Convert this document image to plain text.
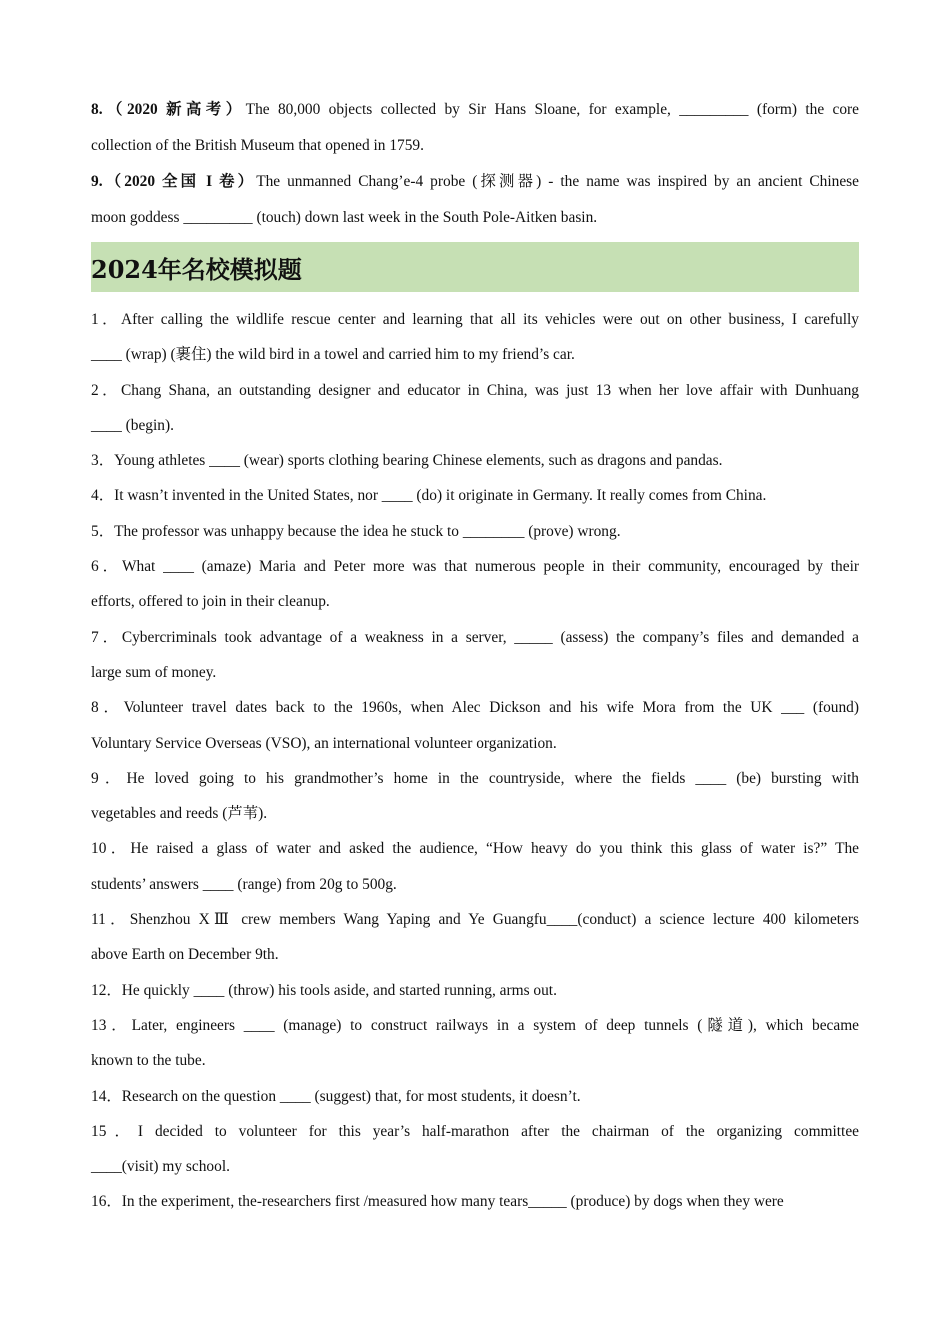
8.（2020 新高考）The 80,000 objects collected by Sir Hans Sloane, for example, _________ (form) the core

collection of the British Museum that opened in 1759.

9.（2020 全国 I 卷）The unmanned Chang’e-4 probe (探测器) - the name was inspired by an ancient Chinese

moon goddess _________ (touch) down last week in the South Pole-Aitken basin.

2024年名校模拟题

1．After calling the wildlife rescue center and learning that all its vehicles were out on other business, I carefully

____ (wrap) (裹住) the wild bird in a towel and carried him to my friend’s car.

2．Chang Shana, an outstanding designer and educator in China, was just 13 when her love affair with Dunhuang

____ (begin).

3．Young athletes ____ (wear) sports clothing bearing Chinese elements, such as dragons and pandas.

4．It wasn’t invented in the United States, nor ____ (do) it originate in Germany. It really comes from China.

5．The professor was unhappy because the idea he stuck to ________ (prove) wrong.

6．What ____ (amaze) Maria and Peter more was that numerous people in their community, encouraged by their

efforts, offered to join in their cleanup.

7．Cybercriminals took advantage of a weakness in a server, _____ (assess) the company’s files and demanded a

large sum of money.

8．Volunteer travel dates back to the 1960s, when Alec Dickson and his wife Mora from the UK ___ (found)

Voluntary Service Overseas (VSO), an international volunteer organization.

9．He loved going to his grandmother’s home in the countryside, where the fields ____ (be) bursting with

vegetables and reeds (芦苇).

10．He raised a glass of water and asked the audience, “How heavy do you think this glass of water is?” The

students’ answers ____ (range) from 20g to 500g.

11．Shenzhou XⅢ crew members Wang Yaping and Ye Guangfu____(conduct) a science lecture 400 kilometers

above Earth on December 9th.

12．He quickly ____ (throw) his tools aside, and started running, arms out.

13．Later, engineers ____ (manage) to construct railways in a system of deep tunnels (隧道), which became

known to the tube.

14．Research on the question ____ (suggest) that, for most students, it doesn’t.

15．I decided to volunteer for this year’s half-marathon after the chairman of the organizing committee

____(visit) my school.

16．In the experiment, the-researchers first /measured how many tears_____ (produce) by dogs when they were
